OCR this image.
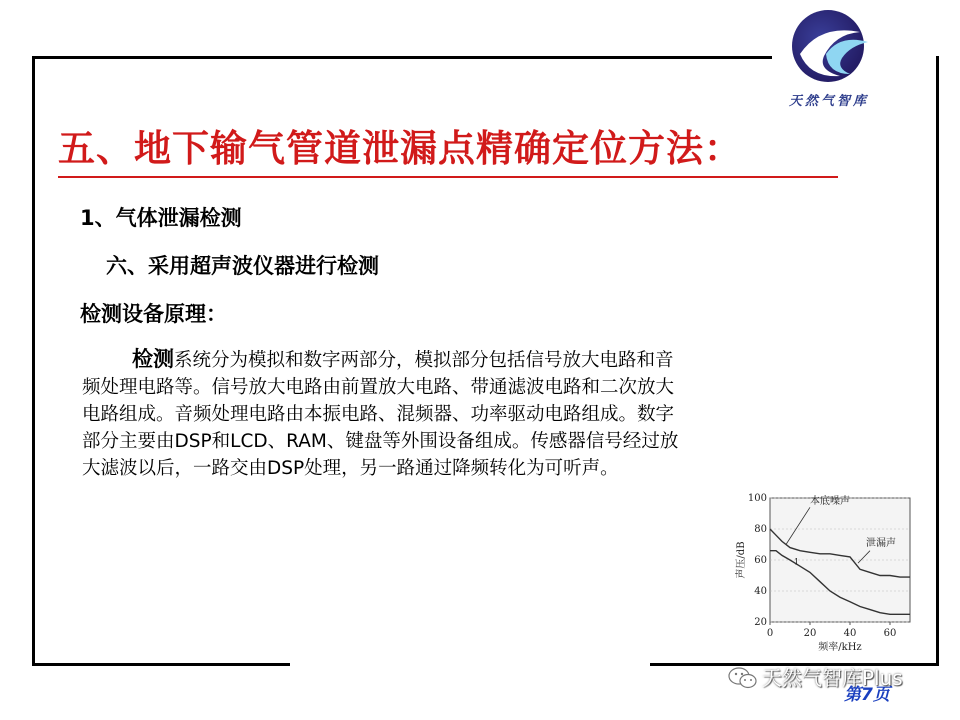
天然气智库
五、地下输气管道泄漏点精确定位方法：
1、气体泄漏检测
六、采用超声波仪器进行检测
检测设备原理：
检测系统分为模拟和数字两部分，模拟部分包括信号放大电路和音
频处理电路等。信号放大电路由前置放大电路、带通滤波电路和二次放大
电路组成。音频处理电路由本振电路、混频器、功率驱动电路组成。数字
部分主要由DSP和LCD、RAM、键盘等外围设备组成。传感器信号经过放
大滤波以后，一路交由DSP处理，另一路通过降频转化为可听声。
20
40
60
80
100
0	20	40	60
频率/kHz
声压/dB
本底噪声
泄漏声
1
天然气智库Plus
第7页
